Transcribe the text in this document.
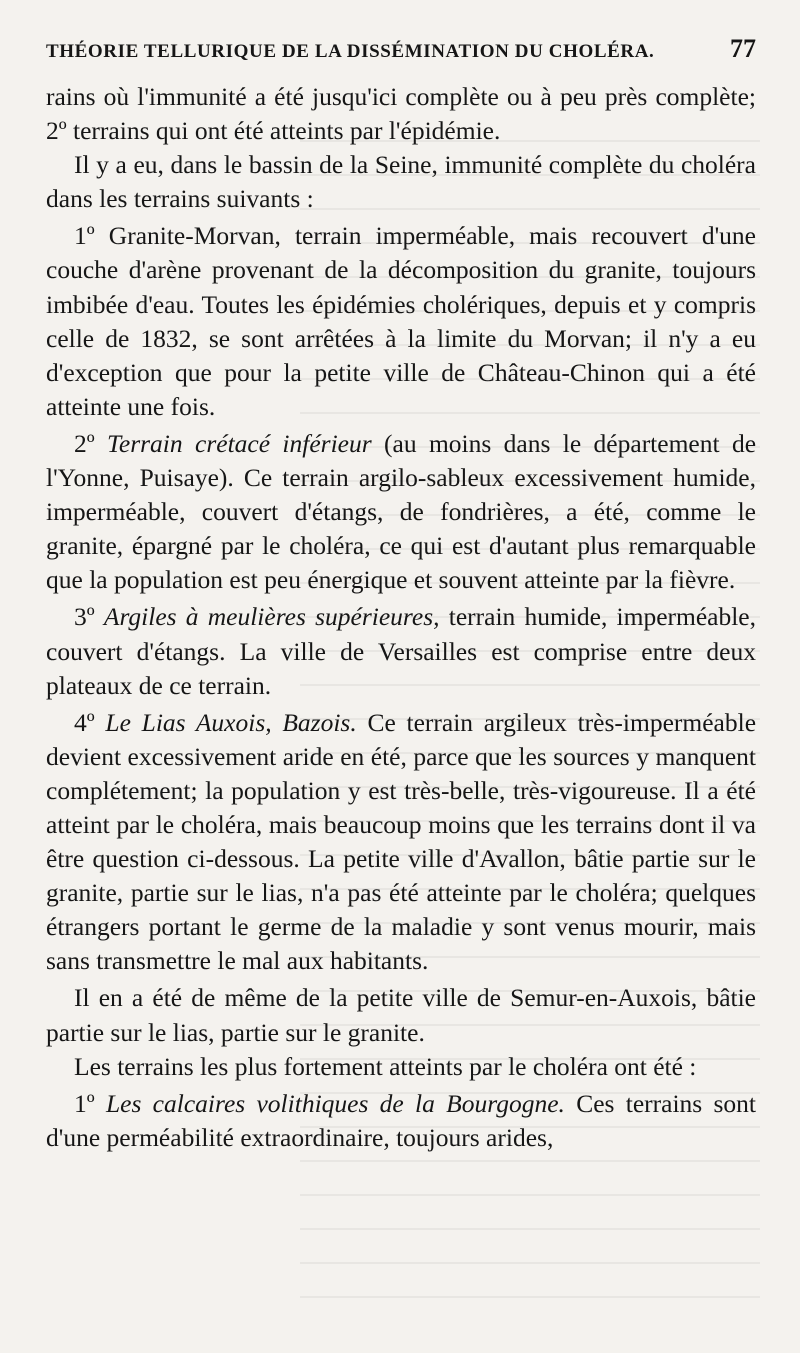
THÉORIE TELLURIQUE DE LA DISSÉMINATION DU CHOLÉRA.	77

rains où l'immunité a été jusqu'ici complète ou à peu près complète; 2º terrains qui ont été atteints par l'épidémie.

Il y a eu, dans le bassin de la Seine, immunité complète du choléra dans les terrains suivants :

1º Granite-Morvan, terrain imperméable, mais recouvert d'une couche d'arène provenant de la décomposition du granite, toujours imbibée d'eau. Toutes les épidémies cholériques, depuis et y compris celle de 1832, se sont arrêtées à la limite du Morvan; il n'y a eu d'exception que pour la petite ville de Château-Chinon qui a été atteinte une fois.

2º Terrain crétacé inférieur (au moins dans le département de l'Yonne, Puisaye). Ce terrain argilo-sableux excessivement humide, imperméable, couvert d'étangs, de fondrières, a été, comme le granite, épargné par le choléra, ce qui est d'autant plus remarquable que la population est peu énergique et souvent atteinte par la fièvre.

3º Argiles à meulières supérieures, terrain humide, imperméable, couvert d'étangs. La ville de Versailles est comprise entre deux plateaux de ce terrain.

4º Le Lias Auxois, Bazois. Ce terrain argileux très-imperméable devient excessivement aride en été, parce que les sources y manquent complétement; la population y est très-belle, très-vigoureuse. Il a été atteint par le choléra, mais beaucoup moins que les terrains dont il va être question ci-dessous. La petite ville d'Avallon, bâtie partie sur le granite, partie sur le lias, n'a pas été atteinte par le choléra; quelques étrangers portant le germe de la maladie y sont venus mourir, mais sans transmettre le mal aux habitants.

Il en a été de même de la petite ville de Semur-en-Auxois, bâtie partie sur le lias, partie sur le granite.

Les terrains les plus fortement atteints par le choléra ont été :

1º Les calcaires volithiques de la Bourgogne. Ces terrains sont d'une perméabilité extraordinaire, toujours arides,
